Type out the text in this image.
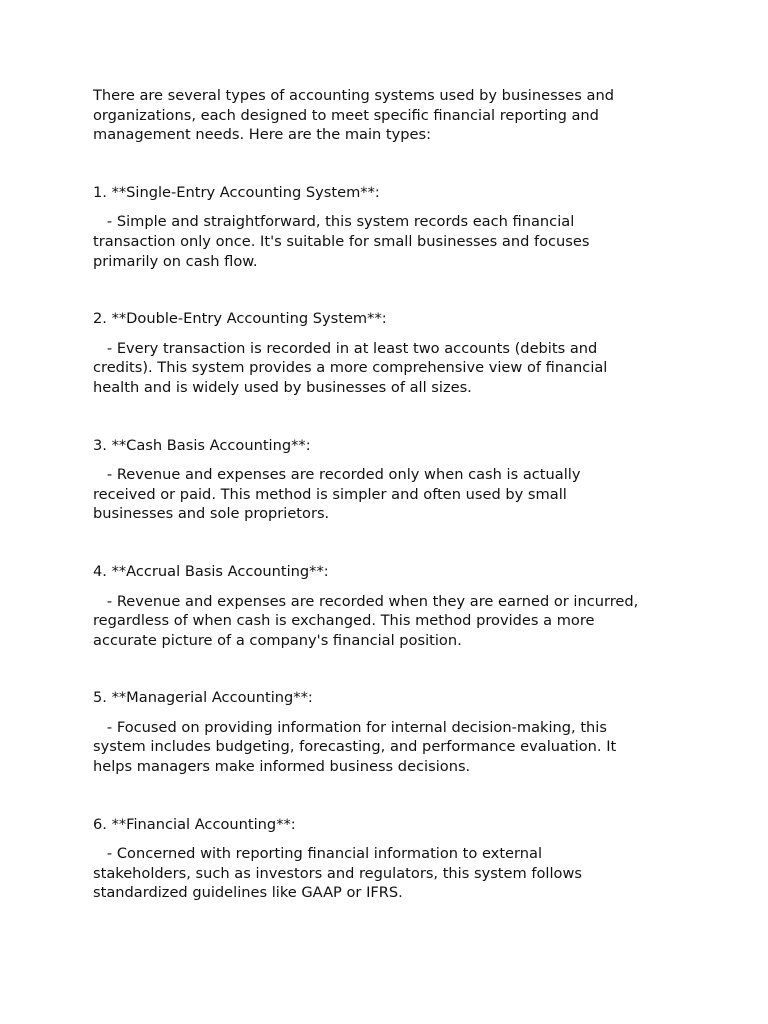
There are several types of accounting systems used by businesses and
organizations, each designed to meet specific financial reporting and
management needs. Here are the main types:

1. **Single-Entry Accounting System**:

- Simple and straightforward, this system records each financial
transaction only once. It's suitable for small businesses and focuses
primarily on cash flow.

2. **Double-Entry Accounting System**:

- Every transaction is recorded in at least two accounts (debits and
credits). This system provides a more comprehensive view of financial
health and is widely used by businesses of all sizes.

3. **Cash Basis Accounting**:

- Revenue and expenses are recorded only when cash is actually
received or paid. This method is simpler and often used by small
businesses and sole proprietors.

4. **Accrual Basis Accounting**:

- Revenue and expenses are recorded when they are earned or incurred,
regardless of when cash is exchanged. This method provides a more
accurate picture of a company's financial position.

5. **Managerial Accounting**:

- Focused on providing information for internal decision-making, this
system includes budgeting, forecasting, and performance evaluation. It
helps managers make informed business decisions.

6. **Financial Accounting**:

- Concerned with reporting financial information to external
stakeholders, such as investors and regulators, this system follows
standardized guidelines like GAAP or IFRS.
